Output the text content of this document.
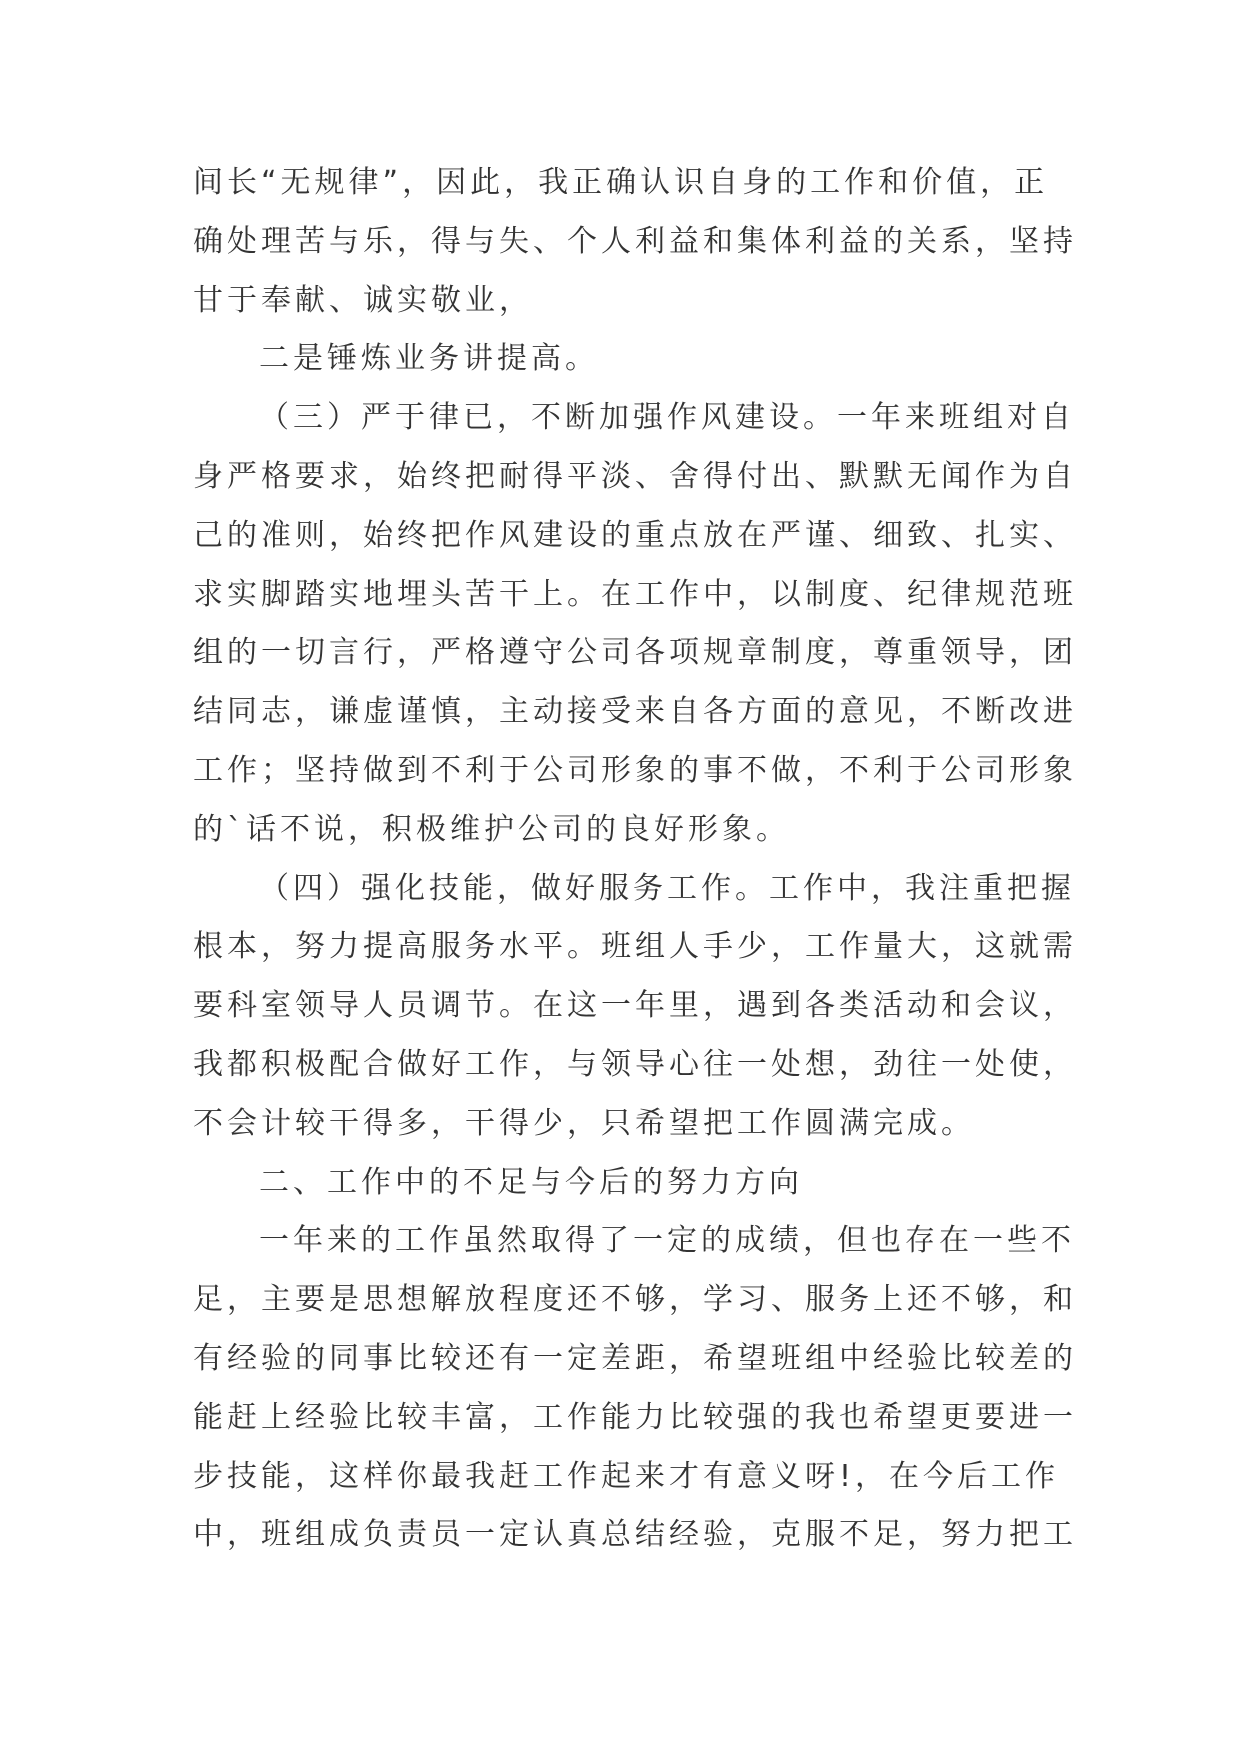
间长“无规律”，因此，我正确认识自身的工作和价值，正
确处理苦与乐，得与失、个人利益和集体利益的关系，坚持
甘于奉献、诚实敬业，
二是锤炼业务讲提高。
（三）严于律已，不断加强作风建设。一年来班组对自
身严格要求，始终把耐得平淡、舍得付出、默默无闻作为自
己的准则，始终把作风建设的重点放在严谨、细致、扎实、
求实脚踏实地埋头苦干上。在工作中，以制度、纪律规范班
组的一切言行，严格遵守公司各项规章制度，尊重领导，团
结同志，谦虚谨慎，主动接受来自各方面的意见，不断改进
工作；坚持做到不利于公司形象的事不做，不利于公司形象
的`话不说，积极维护公司的良好形象。
（四）强化技能，做好服务工作。工作中，我注重把握
根本，努力提高服务水平。班组人手少，工作量大，这就需
要科室领导人员调节。在这一年里，遇到各类活动和会议，
我都积极配合做好工作，与领导心往一处想，劲往一处使，
不会计较干得多，干得少，只希望把工作圆满完成。
二、工作中的不足与今后的努力方向
一年来的工作虽然取得了一定的成绩，但也存在一些不
足，主要是思想解放程度还不够，学习、服务上还不够，和
有经验的同事比较还有一定差距，希望班组中经验比较差的
能赶上经验比较丰富，工作能力比较强的我也希望更要进一
步技能，这样你最我赶工作起来才有意义呀!，在今后工作
中，班组成负责员一定认真总结经验，克服不足，努力把工
